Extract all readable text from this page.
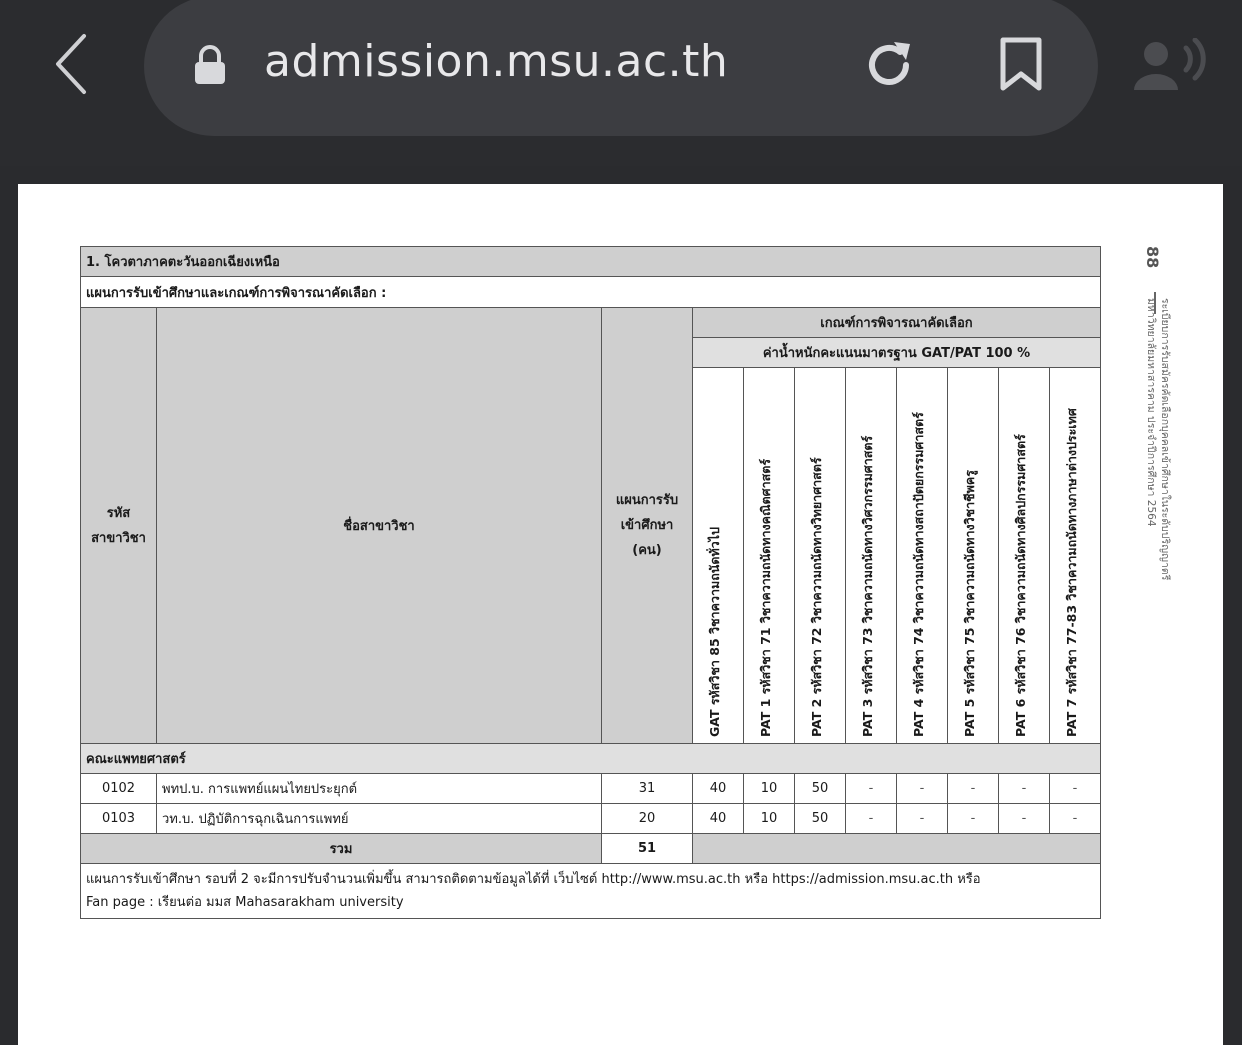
admission.msu.ac.th
1. โควตาภาคตะวันออกเฉียงเหนือ										
แผนการรับเข้าศึกษาและเกณฑ์การพิจารณาคัดเลือก :										
รหัส
สาขาวิชา	ชื่อสาขาวิชา	แผนการรับ
เข้าศึกษา
(คน)	เกณฑ์การพิจารณาคัดเลือก							
			ค่าน้ำหนักคะแนนมาตรฐาน GAT/PAT 100 %							

			GAT รหัสวิชา 85 วิชาความถนัดทั่วไป	PAT 1 รหัสวิชา 71 วิชาความถนัดทางคณิตศาสตร์	PAT 2 รหัสวิชา 72 วิชาความถนัดทางวิทยาศาสตร์	PAT 3 รหัสวิชา 73 วิชาความถนัดทางวิศวกรรมศาสตร์	PAT 4 รหัสวิชา 74 วิชาความถนัดทางสถาปัตยกรรมศาสตร์	PAT 5 รหัสวิชา 75 วิชาความถนัดทางวิชาชีพครู	PAT 6 รหัสวิชา 76 วิชาความถนัดทางศิลปกรรมศาสตร์	PAT 7 รหัสวิชา 77-83 วิชาความถนัดทางภาษาต่างประเทศ

คณะแพทยศาสตร์										
0102	พทป.บ. การแพทย์แผนไทยประยุกต์	31	40	10	50	-	-	-	-	-
0103	วท.บ. ปฏิบัติการฉุกเฉินการแพทย์	20	40	10	50	-	-	-	-	-
รวม		51								

แผนการรับเข้าศึกษา รอบที่ 2 จะมีการปรับจำนวนเพิ่มขึ้น สามารถติดตามข้อมูลได้ที่ เว็บไซต์ http://www.msu.ac.th หรือ https://admission.msu.ac.th หรือ
Fan page : เรียนต่อ มมส Mahasarakham university										
88
ระเบียบการรับสมัครคัดเลือกบุคคลเข้าศึกษาในระดับปริญญาตรี
มหาวิทยาลัยมหาสารคาม ประจำปีการศึกษา 2564
